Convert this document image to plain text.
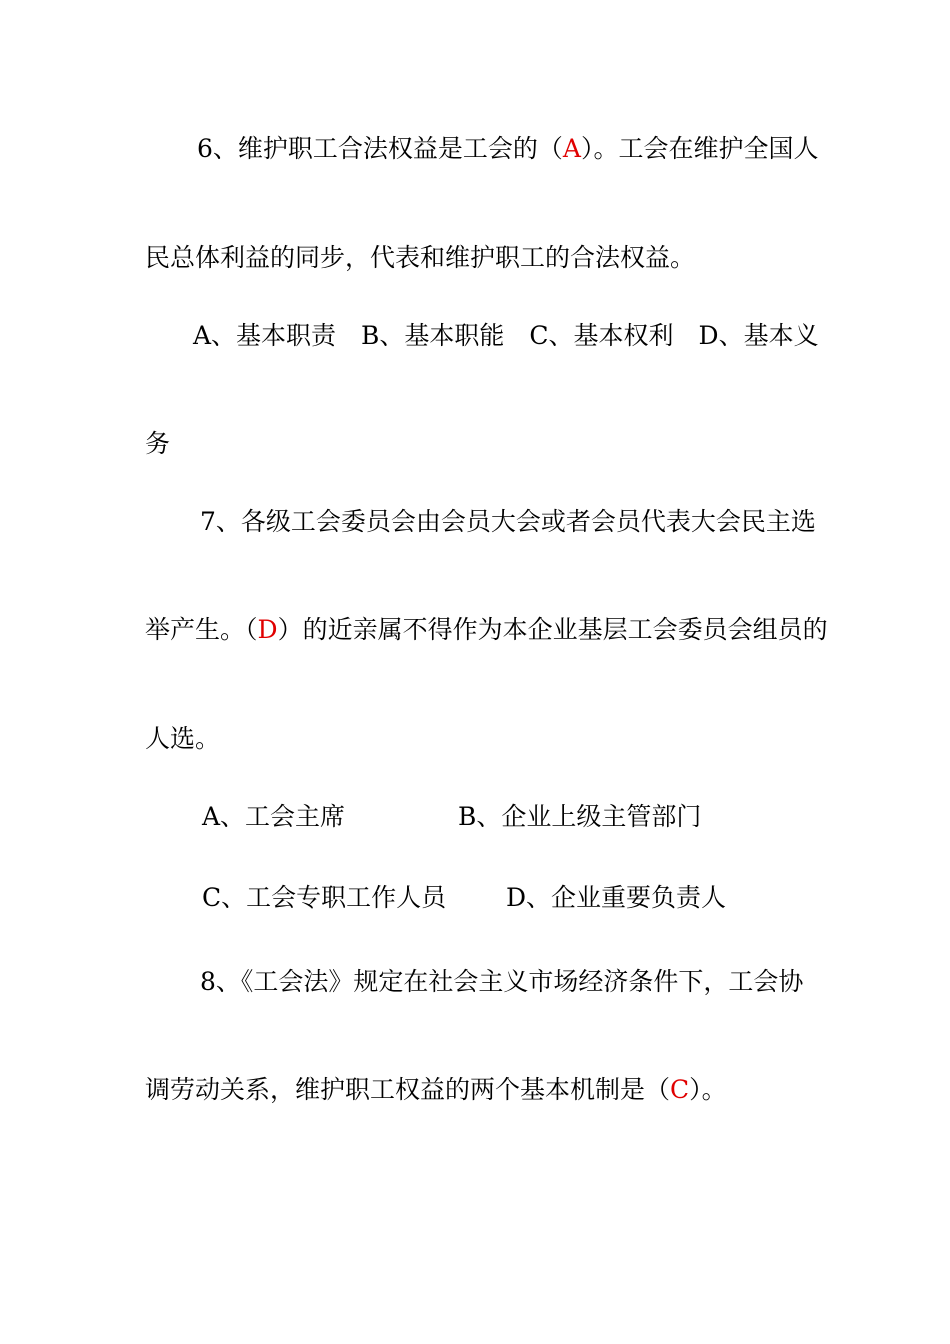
6、维护职工合法权益是工会的（A）。工会在维护全国人
民总体利益的同步，代表和维护职工的合法权益。
A、基本职责　B、基本职能　C、基本权利　D、基本义
务
7、各级工会委员会由会员大会或者会员代表大会民主选
举产生。（D）的近亲属不得作为本企业基层工会委员会组员的
人选。
A、工会主席	B、企业上级主管部门
C、工会专职工作人员 D、企业重要负责人
8、《工会法》规定在社会主义市场经济条件下，工会协
调劳动关系，维护职工权益的两个基本机制是（C）。
